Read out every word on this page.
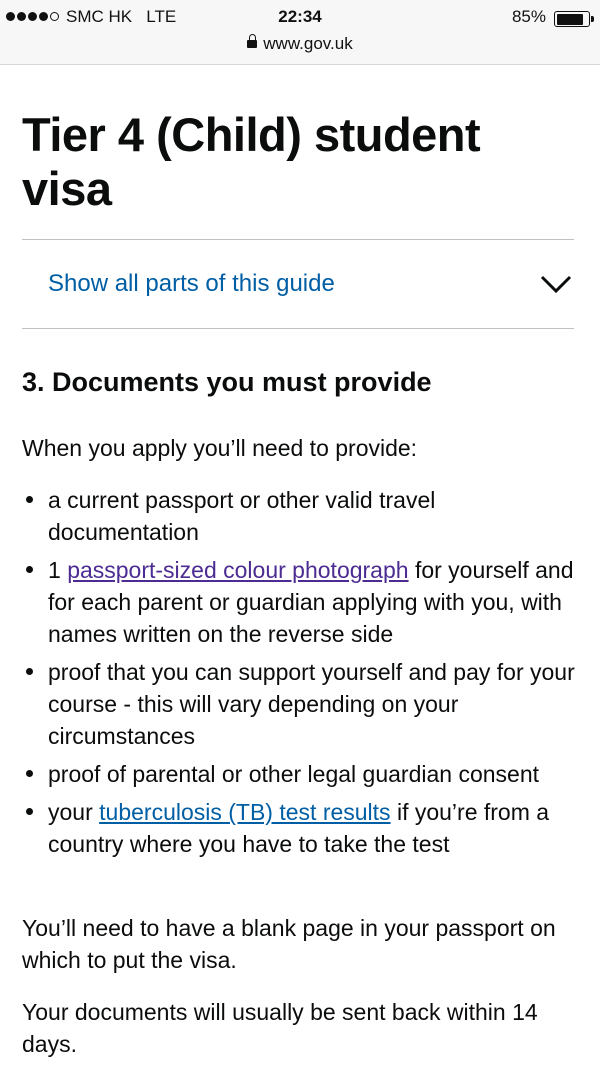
SMC HK LTE	22:34	85%
www.gov.uk
Tier 4 (Child) student visa
Show all parts of this guide
3. Documents you must provide

When you apply you’ll need to provide:

a current passport or other valid travel documentation
1 passport-sized colour photograph for yourself and for each parent or guardian applying with you, with names written on the reverse side
proof that you can support yourself and pay for your course - this will vary depending on your circumstances
proof of parental or other legal guardian consent
your tuberculosis (TB) test results if you’re from a country where you have to take the test

You’ll need to have a blank page in your passport on which to put the visa.

Your documents will usually be sent back within 14 days.
